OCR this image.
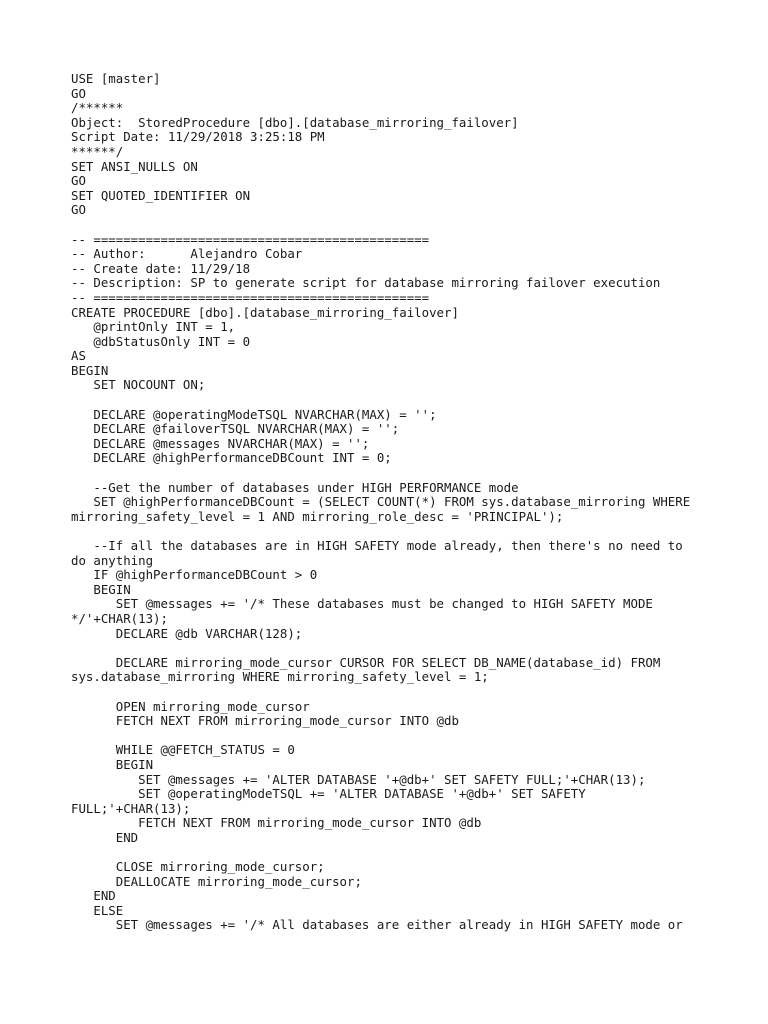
USE [master]
GO
/******
Object:  StoredProcedure [dbo].[database_mirroring_failover]
Script Date: 11/29/2018 3:25:18 PM
******/
SET ANSI_NULLS ON
GO
SET QUOTED_IDENTIFIER ON
GO
-- =============================================
-- Author:      Alejandro Cobar
-- Create date: 11/29/18
-- Description: SP to generate script for database mirroring failover execution
-- =============================================
CREATE PROCEDURE [dbo].[database_mirroring_failover]
@printOnly INT = 1,
@dbStatusOnly INT = 0
AS
BEGIN
SET NOCOUNT ON;
DECLARE @operatingModeTSQL NVARCHAR(MAX) = '';
DECLARE @failoverTSQL NVARCHAR(MAX) = '';
DECLARE @messages NVARCHAR(MAX) = '';
DECLARE @highPerformanceDBCount INT = 0;
--Get the number of databases under HIGH PERFORMANCE mode
SET @highPerformanceDBCount = (SELECT COUNT(*) FROM sys.database_mirroring WHERE
mirroring_safety_level = 1 AND mirroring_role_desc = 'PRINCIPAL');
--If all the databases are in HIGH SAFETY mode already, then there's no need to
do anything
IF @highPerformanceDBCount > 0
BEGIN
SET @messages += '/* These databases must be changed to HIGH SAFETY MODE
*/'+CHAR(13);
DECLARE @db VARCHAR(128);
DECLARE mirroring_mode_cursor CURSOR FOR SELECT DB_NAME(database_id) FROM
sys.database_mirroring WHERE mirroring_safety_level = 1;
OPEN mirroring_mode_cursor
FETCH NEXT FROM mirroring_mode_cursor INTO @db
WHILE @@FETCH_STATUS = 0
BEGIN
SET @messages += 'ALTER DATABASE '+@db+' SET SAFETY FULL;'+CHAR(13);
SET @operatingModeTSQL += 'ALTER DATABASE '+@db+' SET SAFETY
FULL;'+CHAR(13);
FETCH NEXT FROM mirroring_mode_cursor INTO @db
END
CLOSE mirroring_mode_cursor;
DEALLOCATE mirroring_mode_cursor;
END
ELSE
SET @messages += '/* All databases are either already in HIGH SAFETY mode or
